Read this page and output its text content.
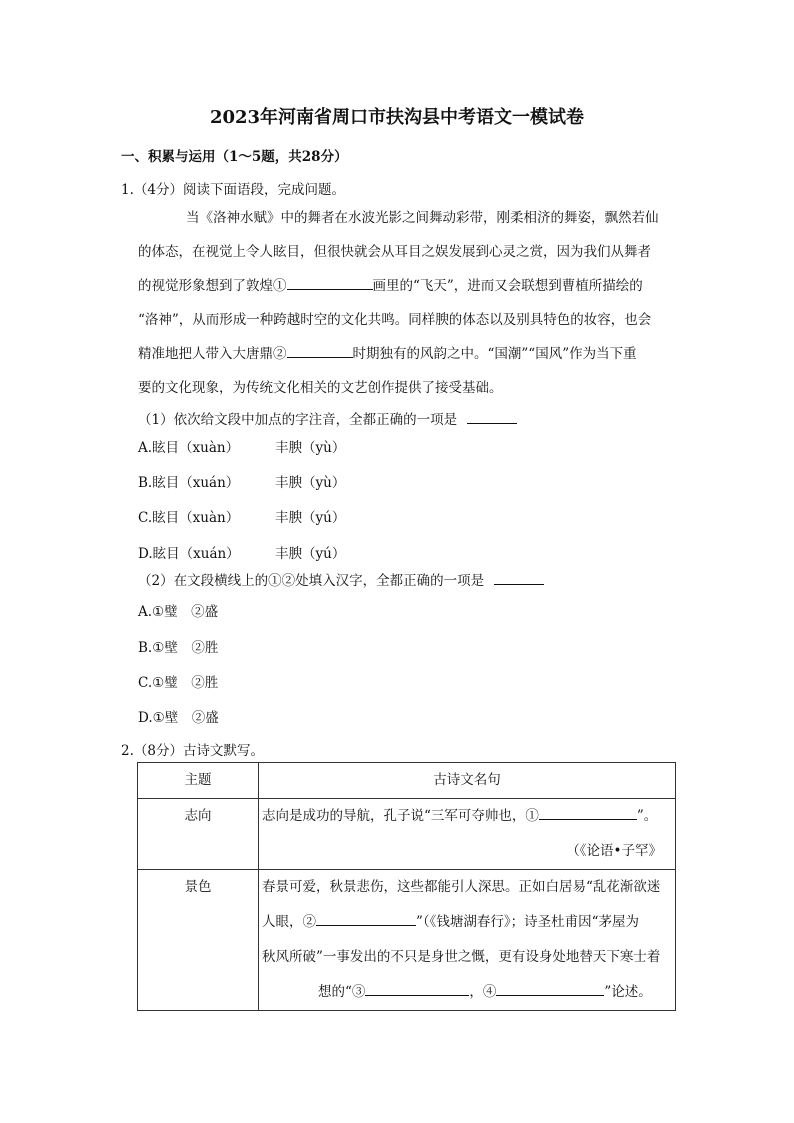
2023年河南省周口市扶沟县中考语文一模试卷
一、积累与运用（1～5题，共28分）
1.（4分）阅读下面语段，完成问题。
当《洛神水赋》中的舞者在水波光影之间舞动彩带，刚柔相济的舞姿，飘然若仙
的体态，在视觉上令人眩目，但很快就会从耳目之娱发展到心灵之赏，因为我们从舞者
的视觉形象想到了敦煌①	画里的“飞天”，进而又会联想到曹植所描绘的
“洛神”，从而形成一种跨越时空的文化共鸣。同样腴的体态以及别具特色的妆容，也会
精准地把人带入大唐鼎②	时期独有的风韵之中。“国潮”“国风”作为当下重
要的文化现象，为传统文化相关的文艺创作提供了接受基础。
（1）依次给文段中加点的字注音，全都正确的一项是
A.眩目（xuàn）	丰腴（yù）
B.眩目（xuán）	丰腴（yù）
C.眩目（xuàn）	丰腴（yú）
D.眩目（xuán）	丰腴（yú）
（2）在文段横线上的①②处填入汉字，全都正确的一项是
A.①璧　②盛
B.①壁　②胜
C.①璧　②胜
D.①壁　②盛
2.（8分）古诗文默写。
主题	古诗文名句

志向	志向是成功的导航，孔子说“三军可夺帅也，① ”。
（《论语•子罕》

景色	春景可爱，秋景悲伤，这些都能引人深思。正如白居易“乱花渐欲迷
人眼，② ”（《钱塘湖春行》；诗圣杜甫因“茅屋为
秋风所破”一事发出的不只是身世之慨，更有设身处地替天下寒士着
想的“③ ，④ ”论述。
